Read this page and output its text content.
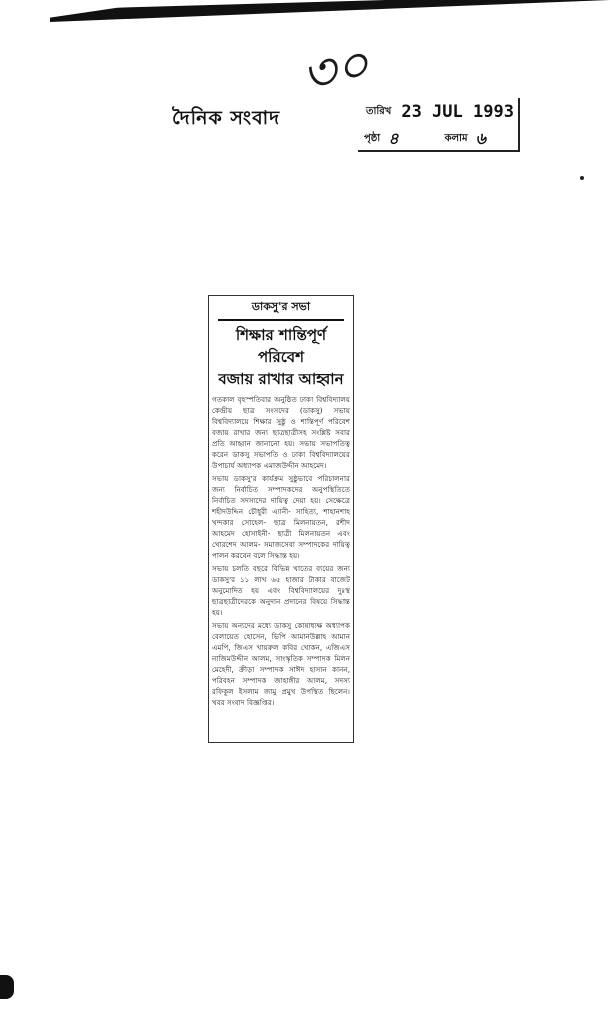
৩০
দৈনিক সংবাদ	তারিখ 23 JUL 1993
পৃষ্ঠা ৪	কলাম ৬
ডাকসু'র সভা
শিক্ষার শান্তিপূর্ণ পরিবেশ
বজায় রাখার আহ্বান

গতকাল বৃহস্পতিবার অনুষ্ঠিত ঢাকা বিশ্ববিদ্যালয় কেন্দ্রীয় ছাত্র সংসদের (ডাকসু) সভায় বিশ্ববিদ্যালয়ে শিক্ষার সুষ্ঠু ও শান্তিপূর্ণ পরিবেশ বজায় রাখার জন্য ছাত্রছাত্রীসহ সংশ্লিষ্ট সবার প্রতি আহ্বান জানানো হয়। সভায় সভাপতিত্ব করেন ডাকসু সভাপতি ও ঢাকা বিশ্ববিদ্যালয়ের উপাচার্য অধ্যাপক এমাজউদ্দীন আহমেদ।

সভায় ডাকসু'র কার্যক্রম সুষ্ঠুভাবে পরিচালনার জন্য নির্বাচিত সম্পাদকদের অনুপস্থিতিতে নির্বাচিত সদস্যদের দায়িত্ব দেয়া হয়। সেক্ষেত্রে শহীদউদ্দিন চৌধুরী এ্যানী- সাহিত্য, শাহানশাহ খন্দকার সোহেল- ছাত্র মিলনায়তন, রশীদ আহমেদ হোসাইনী- ছাত্রী মিলনায়তন এবং খোরশেদ আলম- সমাজসেবা সম্পাদকের দায়িত্ব পালন করবেন বলে সিদ্ধান্ত হয়।

সভায় চলতি বছরে বিভিন্ন খাতের ব্যয়ের জন্য ডাকসু'র ১১ লাখ ৬৫ হাজার টাকার বাজেট অনুমোদিত হয় এবং বিশ্ববিদ্যালয়ের দুঃস্থ ছাত্রছাত্রীদেরকে অনুদান প্রদানের বিষয়ে সিদ্ধান্ত হয়।

সভায় অন্যদের মধ্যে ডাকসু কোষাধ্যক্ষ অধ্যাপক বেলায়েত হোসেন, ভিপি আমানউল্লাহ আমান এমপি, জিএস খায়রুল কবির খোকন, এজিএস নাজিমউদ্দীন আলম, সাংস্কৃতিক সম্পাদক মিলন মেহেদী, ক্রীড়া সম্পাদক সাঈদ হাসান কানন, পরিবহন সম্পাদক জাহাঙ্গীর আলম, সদস্য রফিকুল ইসলাম জামু প্রমুখ উপস্থিত ছিলেন। খবর সংবাদ বিজ্ঞপ্তির।
